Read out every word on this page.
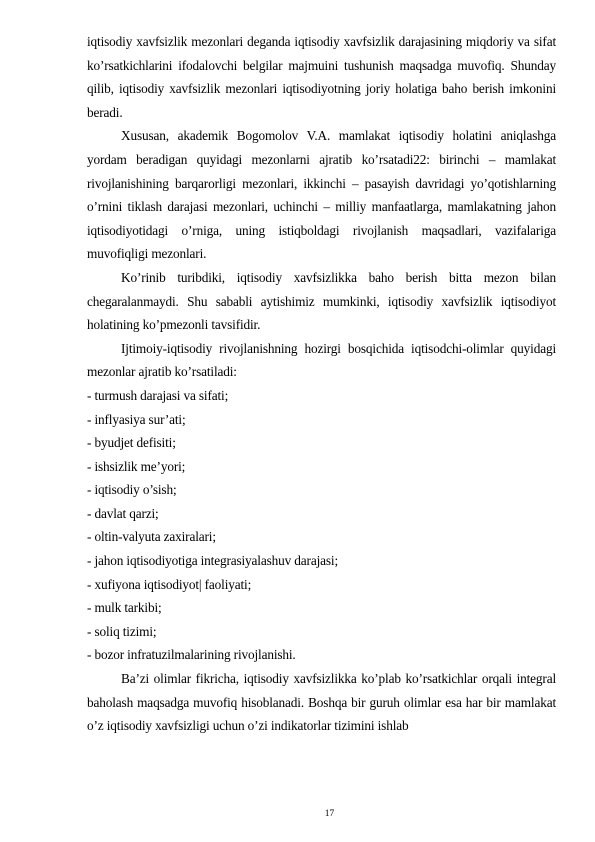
iqtisodiy xavfsizlik mezonlari deganda iqtisodiy xavfsizlik darajasining miqdoriy va sifat ko’rsatkichlarini ifodalovchi belgilar majmuini tushunish maqsadga muvofiq. Shunday qilib, iqtisodiy xavfsizlik mezonlari iqtisodiyotning joriy holatiga baho berish imkonini beradi.

Xususan, akademik Bogomolov V.A. mamlakat iqtisodiy holatini aniqlashga yordam beradigan quyidagi mezonlarni ajratib ko’rsatadi22: birinchi – mamlakat rivojlanishining barqarorligi mezonlari, ikkinchi – pasayish davridagi yo’qotishlarning o’rnini tiklash darajasi mezonlari, uchinchi – milliy manfaatlarga, mamlakatning jahon iqtisodiyotidagi o’rniga, uning istiqboldagi rivojlanish maqsadlari, vazifalariga muvofiqligi mezonlari.

Ko’rinib turibdiki, iqtisodiy xavfsizlikka baho berish bitta mezon bilan chegaralanmaydi. Shu sababli aytishimiz mumkinki, iqtisodiy xavfsizlik iqtisodiyot holatining ko’pmezonli tavsifidir.

Ijtimoiy-iqtisodiy rivojlanishning hozirgi bosqichida iqtisodchi-olimlar quyidagi mezonlar ajratib ko’rsatiladi:

- turmush darajasi va sifati;
- inflyasiya sur’ati;
- byudjet defisiti;
- ishsizlik me’yori;
- iqtisodiy o’sish;
- davlat qarzi;
- oltin-valyuta zaxiralari;
- jahon iqtisodiyotiga integrasiyalashuv darajasi;
- xufiyona iqtisodiyot| faoliyati;
- mulk tarkibi;
- soliq tizimi;
- bozor infratuzilmalarining rivojlanishi.

Ba’zi olimlar fikricha, iqtisodiy xavfsizlikka ko’plab ko’rsatkichlar orqali integral baholash maqsadga muvofiq hisoblanadi. Boshqa bir guruh olimlar esa har bir mamlakat o’z iqtisodiy xavfsizligi uchun o’zi indikatorlar tizimini ishlab

17
